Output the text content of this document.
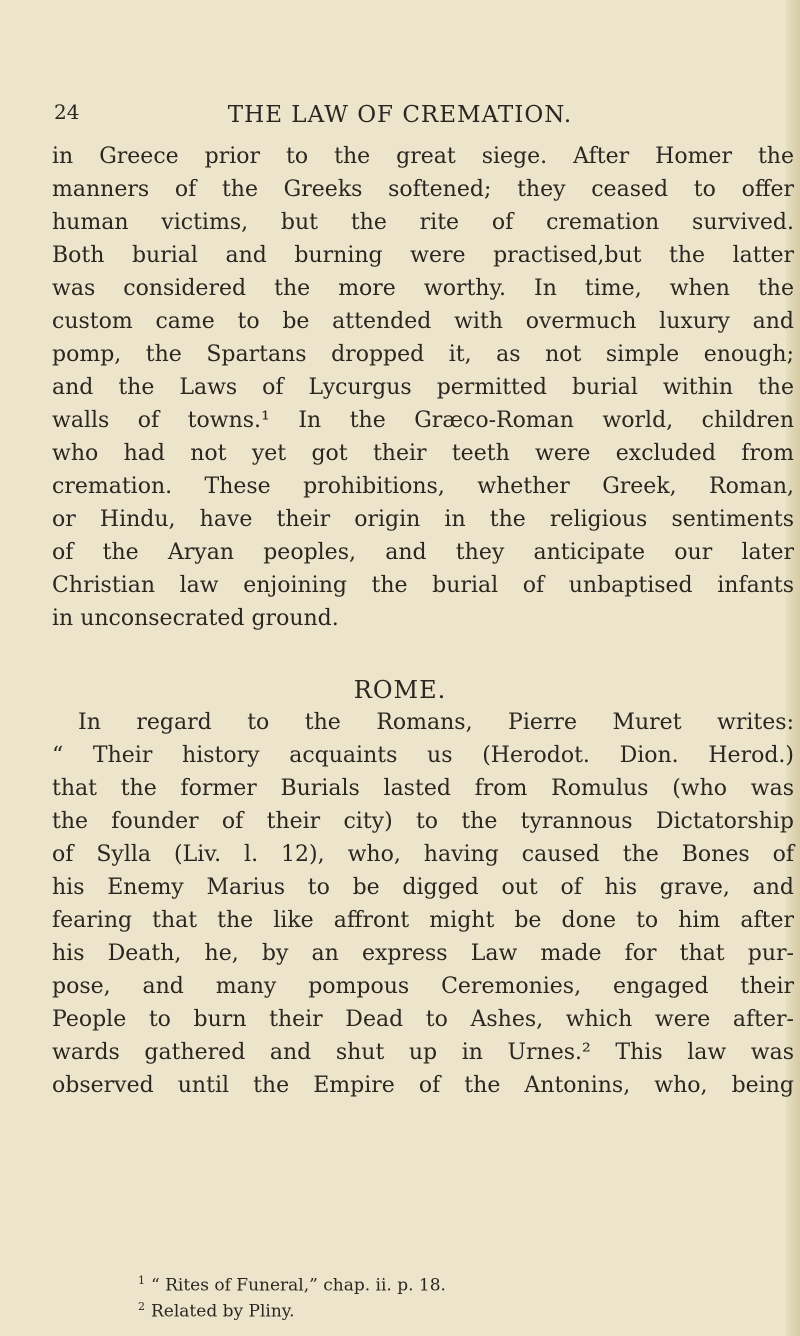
24	THE LAW OF CREMATION.
in Greece prior to the great siege. After Homer the
manners of the Greeks softened; they ceased to offer
human victims, but the rite of cremation survived.
Both burial and burning were practised,but the latter
was considered the more worthy. In time, when the
custom came to be attended with overmuch luxury and
pomp, the Spartans dropped it, as not simple enough;
and the Laws of Lycurgus permitted burial within the
walls of towns.¹ In the Græco-Roman world, children
who had not yet got their teeth were excluded from
cremation. These prohibitions, whether Greek, Roman,
or Hindu, have their origin in the religious sentiments
of the Aryan peoples, and they anticipate our later
Christian law enjoining the burial of unbaptised infants
in unconsecrated ground.
ROME.
In regard to the Romans, Pierre Muret writes:
“ Their history acquaints us (Herodot. Dion. Herod.)
that the former Burials lasted from Romulus (who was
the founder of their city) to the tyrannous Dictatorship
of Sylla (Liv. l. 12), who, having caused the Bones of
his Enemy Marius to be digged out of his grave, and
fearing that the like affront might be done to him after
his Death, he, by an express Law made for that pur-
pose, and many pompous Ceremonies, engaged their
People to burn their Dead to Ashes, which were after-
wards gathered and shut up in Urnes.² This law was
observed until the Empire of the Antonins, who, being
$^1$ “ Rites of Funeral,” chap. ii. p. 18.
$^2$ Related by Pliny.
